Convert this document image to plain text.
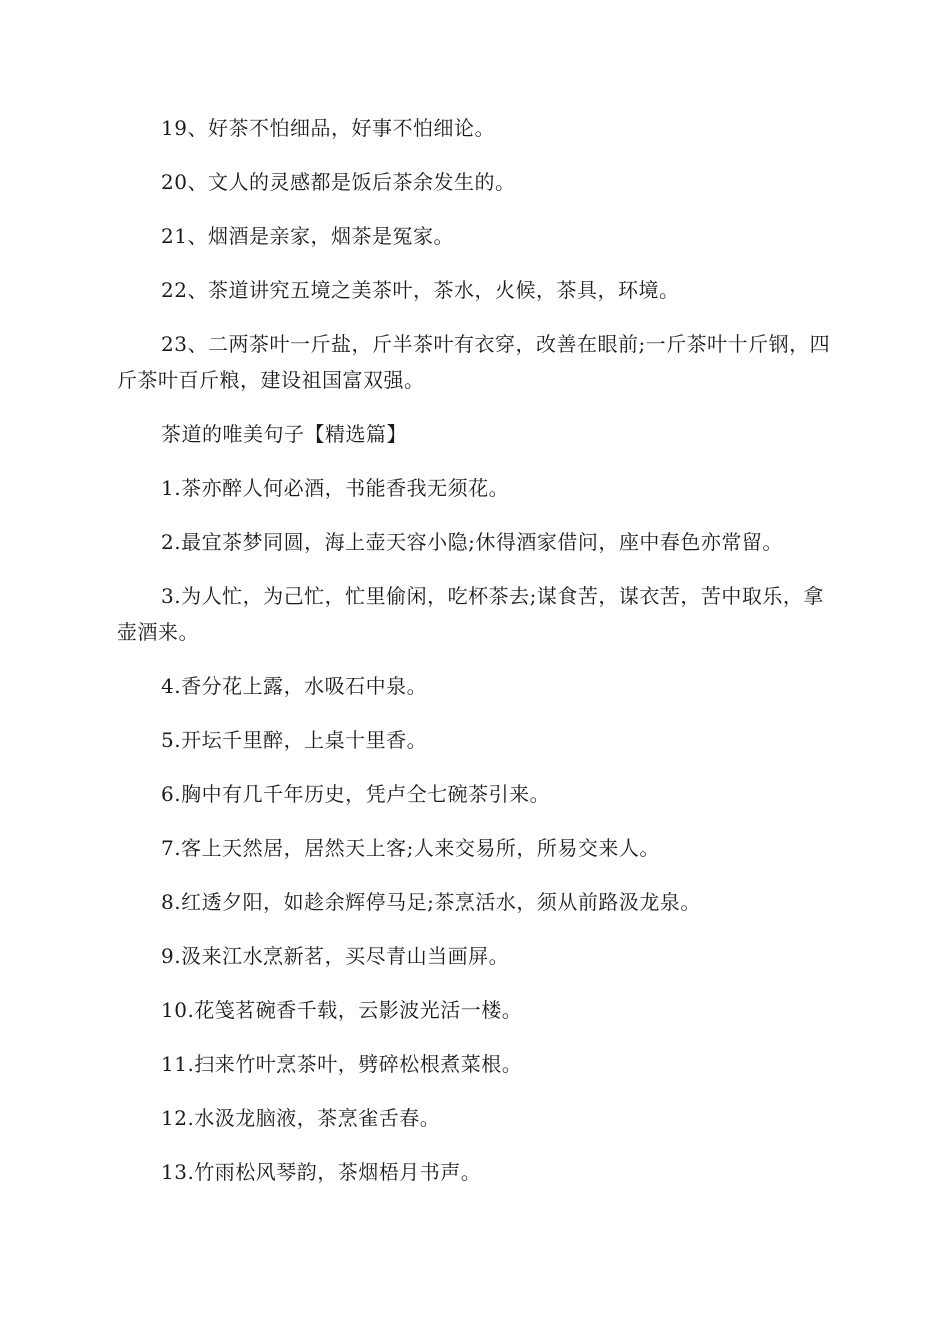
19、好茶不怕细品，好事不怕细论。

20、文人的灵感都是饭后茶余发生的。

21、烟酒是亲家，烟茶是冤家。

22、茶道讲究五境之美茶叶，茶水，火候，茶具，环境。

23、二两茶叶一斤盐，斤半茶叶有衣穿，改善在眼前;一斤茶叶十斤钢，四斤茶叶百斤粮，建设祖国富双强。

茶道的唯美句子【精选篇】

1.茶亦醉人何必酒，书能香我无须花。

2.最宜茶梦同圆，海上壶天容小隐;休得酒家借问，座中春色亦常留。

3.为人忙，为己忙，忙里偷闲，吃杯茶去;谋食苦，谋衣苦，苦中取乐，拿壶酒来。

4.香分花上露，水吸石中泉。

5.开坛千里醉，上桌十里香。

6.胸中有几千年历史，凭卢仝七碗茶引来。

7.客上天然居，居然天上客;人来交易所，所易交来人。

8.红透夕阳，如趁余辉停马足;茶烹活水，须从前路汲龙泉。

9.汲来江水烹新茗，买尽青山当画屏。

10.花笺茗碗香千载，云影波光活一楼。

11.扫来竹叶烹茶叶，劈碎松根煮菜根。

12.水汲龙脑液，茶烹雀舌春。

13.竹雨松风琴韵，茶烟梧月书声。
